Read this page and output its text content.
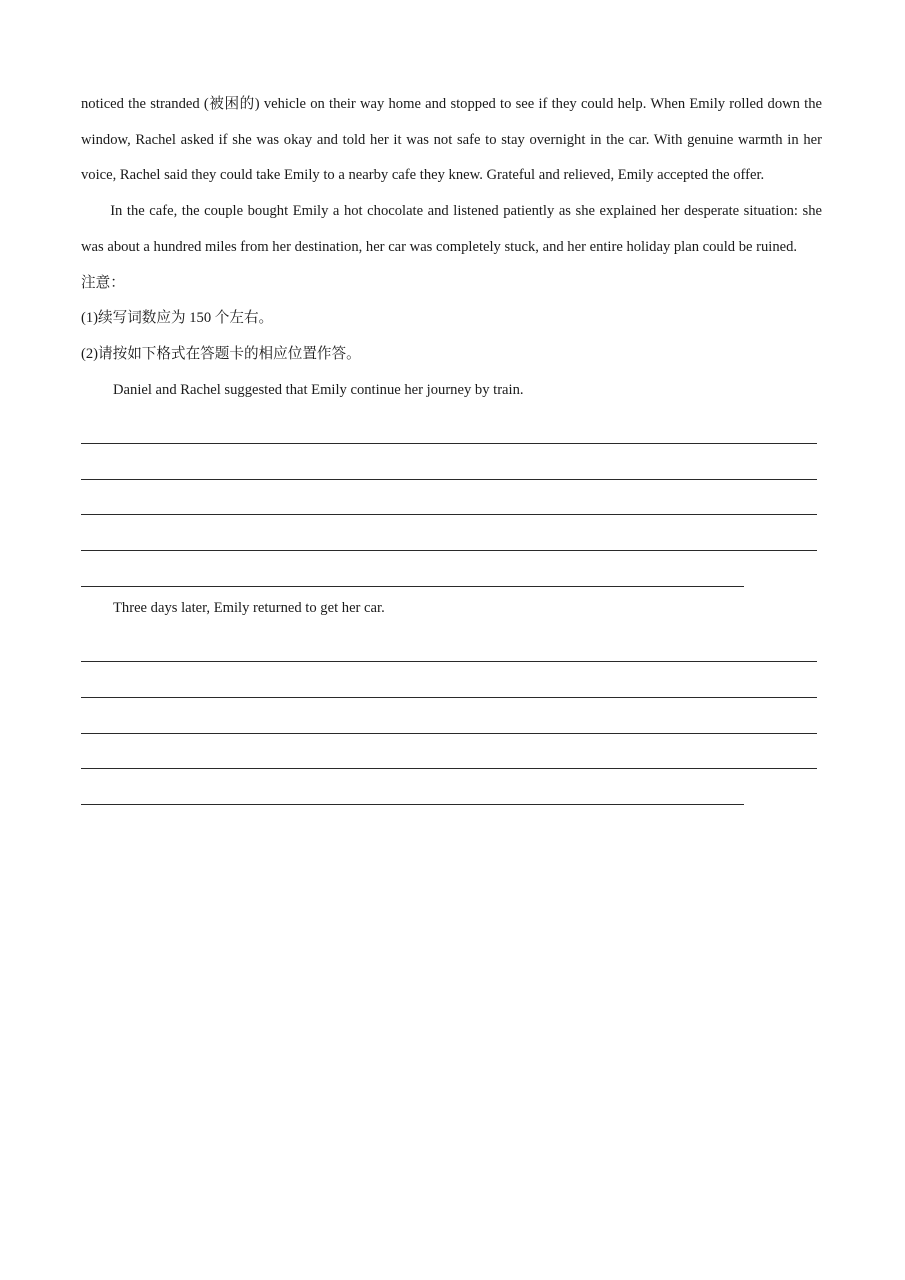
noticed the stranded (被困的) vehicle on their way home and stopped to see if they could help. When Emily rolled down the window, Rachel asked if she was okay and told her it was not safe to stay overnight in the car. With genuine warmth in her voice, Rachel said they could take Emily to a nearby cafe they knew. Grateful and relieved, Emily accepted the offer.

In the cafe, the couple bought Emily a hot chocolate and listened patiently as she explained her desperate situation: she was about a hundred miles from her destination, her car was completely stuck, and her entire holiday plan could be ruined.

注意：

(1)续写词数应为 150 个左右。

(2)请按如下格式在答题卡的相应位置作答。

Daniel and Rachel suggested that Emily continue her journey by train.

Three days later, Emily returned to get her car.
